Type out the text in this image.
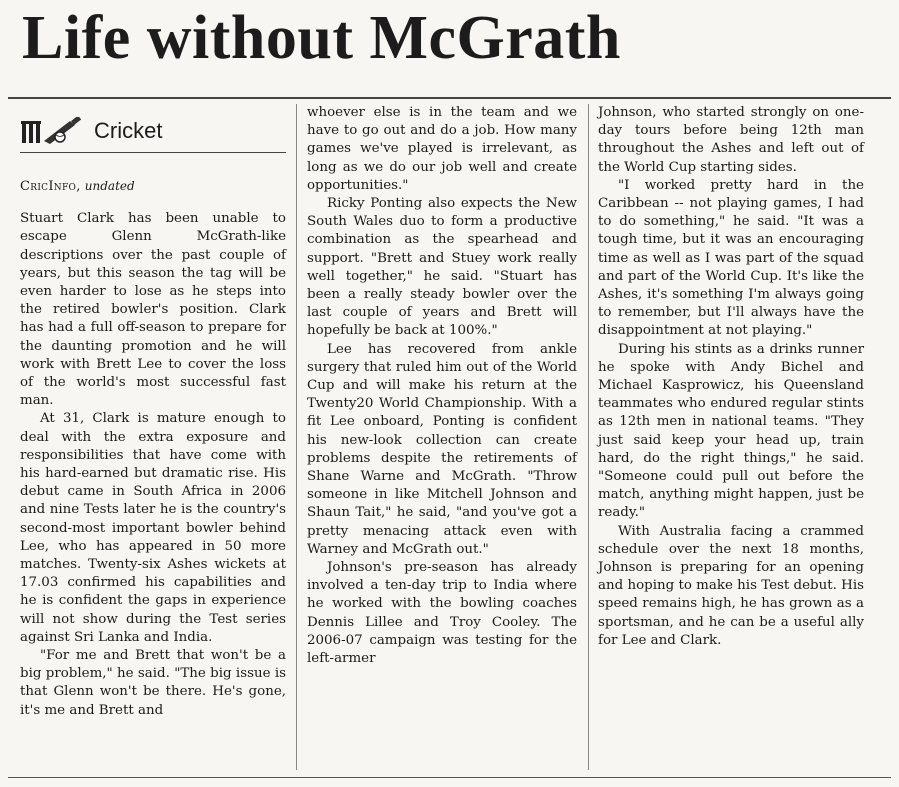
Life without McGrath
Cricket
CricInfo, undated

Stuart Clark has been unable to escape Glenn McGrath-like descriptions over the past couple of years, but this season the tag will be even harder to lose as he steps into the retired bowler's position. Clark has had a full off-season to prepare for the daunting promotion and he will work with Brett Lee to cover the loss of the world's most successful fast man.

At 31, Clark is mature enough to deal with the extra exposure and responsibilities that have come with his hard-earned but dramatic rise. His debut came in South Africa in 2006 and nine Tests later he is the country's second-most important bowler behind Lee, who has appeared in 50 more matches. Twenty-six Ashes wickets at 17.03 confirmed his capabilities and he is confident the gaps in experience will not show during the Test series against Sri Lanka and India.

"For me and Brett that won't be a big problem," he said. "The big issue is that Glenn won't be there. He's gone, it's me and Brett and

whoever else is in the team and we have to go out and do a job. How many games we've played is irrelevant, as long as we do our job well and create opportunities."

Ricky Ponting also expects the New South Wales duo to form a productive combination as the spearhead and support. "Brett and Stuey work really well together," he said. "Stuart has been a really steady bowler over the last couple of years and Brett will hopefully be back at 100%."

Lee has recovered from ankle surgery that ruled him out of the World Cup and will make his return at the Twenty20 World Championship. With a fit Lee onboard, Ponting is confident his new-look collection can create problems despite the retirements of Shane Warne and McGrath. "Throw someone in like Mitchell Johnson and Shaun Tait," he said, "and you've got a pretty menacing attack even with Warney and McGrath out."

Johnson's pre-season has already involved a ten-day trip to India where he worked with the bowling coaches Dennis Lillee and Troy Cooley. The 2006-07 campaign was testing for the left-armer

Johnson, who started strongly on one-day tours before being 12th man throughout the Ashes and left out of the World Cup starting sides.

"I worked pretty hard in the Caribbean -- not playing games, I had to do something," he said. "It was a tough time, but it was an encouraging time as well as I was part of the squad and part of the World Cup. It's like the Ashes, it's something I'm always going to remember, but I'll always have the disappointment at not playing."

During his stints as a drinks runner he spoke with Andy Bichel and Michael Kasprowicz, his Queensland teammates who endured regular stints as 12th men in national teams. "They just said keep your head up, train hard, do the right things," he said. "Someone could pull out before the match, anything might happen, just be ready."

With Australia facing a crammed schedule over the next 18 months, Johnson is preparing for an opening and hoping to make his Test debut. His speed remains high, he has grown as a sportsman, and he can be a useful ally for Lee and Clark.
